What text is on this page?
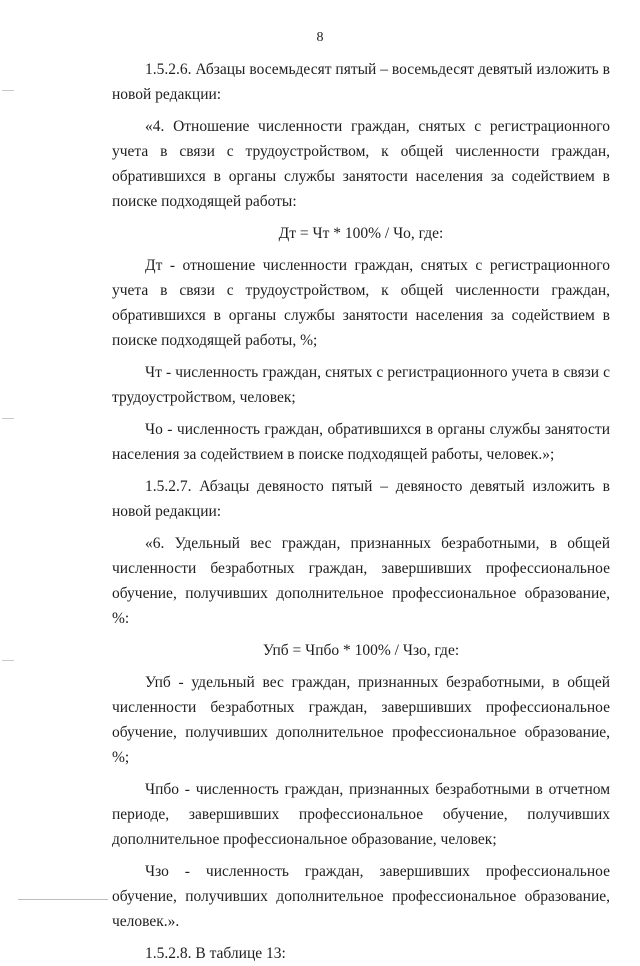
8

1.5.2.6. Абзацы восемьдесят пятый – восемьдесят девятый изложить в новой редакции:

«4. Отношение численности граждан, снятых с регистрационного учета в связи с трудоустройством, к общей численности граждан, обратившихся в органы службы занятости населения за содействием в поиске подходящей работы:

Дт = Чт * 100% / Чо, где:

Дт - отношение численности граждан, снятых с регистрационного учета в связи с трудоустройством, к общей численности граждан, обратившихся в органы службы занятости населения за содействием в поиске подходящей работы, %;

Чт - численность граждан, снятых с регистрационного учета в связи с трудоустройством, человек;

Чо - численность граждан, обратившихся в органы службы занятости населения за содействием в поиске подходящей работы, человек.»;

1.5.2.7. Абзацы девяносто пятый – девяносто девятый изложить в новой редакции:

«6. Удельный вес граждан, признанных безработными, в общей численности безработных граждан, завершивших профессиональное обучение, получивших дополнительное профессиональное образование, %:

Упб = Чпбо * 100% / Чзо, где:

Упб - удельный вес граждан, признанных безработными, в общей численности безработных граждан, завершивших профессиональное обучение, получивших дополнительное профессиональное образование, %;

Чпбо - численность граждан, признанных безработными в отчетном периоде, завершивших профессиональное обучение, получивших дополнительное профессиональное образование, человек;

Чзо - численность граждан, завершивших профессиональное обучение, получивших дополнительное профессиональное образование, человек.».

1.5.2.8. В таблице 13:
